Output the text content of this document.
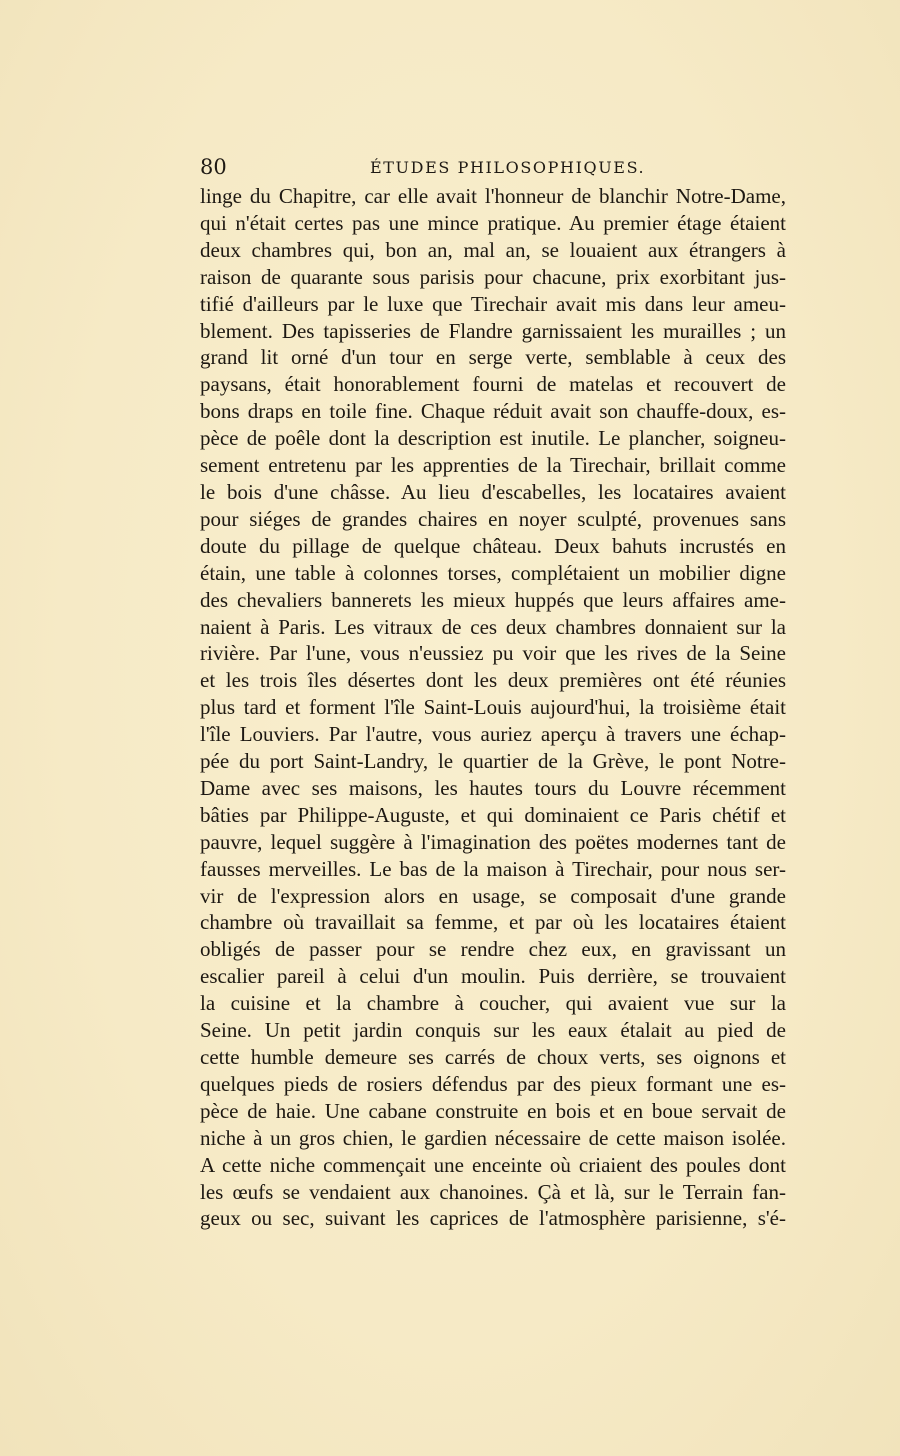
80	ÉTUDES PHILOSOPHIQUES.
linge du Chapitre, car elle avait l'honneur de blanchir Notre-Dame,
qui n'était certes pas une mince pratique. Au premier étage étaient
deux chambres qui, bon an, mal an, se louaient aux étrangers à
raison de quarante sous parisis pour chacune, prix exorbitant jus-
tifié d'ailleurs par le luxe que Tirechair avait mis dans leur ameu-
blement. Des tapisseries de Flandre garnissaient les murailles ; un
grand lit orné d'un tour en serge verte, semblable à ceux des
paysans, était honorablement fourni de matelas et recouvert de
bons draps en toile fine. Chaque réduit avait son chauffe-doux, es-
pèce de poêle dont la description est inutile. Le plancher, soigneu-
sement entretenu par les apprenties de la Tirechair, brillait comme
le bois d'une châsse. Au lieu d'escabelles, les locataires avaient
pour siéges de grandes chaires en noyer sculpté, provenues sans
doute du pillage de quelque château. Deux bahuts incrustés en
étain, une table à colonnes torses, complétaient un mobilier digne
des chevaliers bannerets les mieux huppés que leurs affaires ame-
naient à Paris. Les vitraux de ces deux chambres donnaient sur la
rivière. Par l'une, vous n'eussiez pu voir que les rives de la Seine
et les trois îles désertes dont les deux premières ont été réunies
plus tard et forment l'île Saint-Louis aujourd'hui, la troisième était
l'île Louviers. Par l'autre, vous auriez aperçu à travers une échap-
pée du port Saint-Landry, le quartier de la Grève, le pont Notre-
Dame avec ses maisons, les hautes tours du Louvre récemment
bâties par Philippe-Auguste, et qui dominaient ce Paris chétif et
pauvre, lequel suggère à l'imagination des poëtes modernes tant de
fausses merveilles. Le bas de la maison à Tirechair, pour nous ser-
vir de l'expression alors en usage, se composait d'une grande
chambre où travaillait sa femme, et par où les locataires étaient
obligés de passer pour se rendre chez eux, en gravissant un
escalier pareil à celui d'un moulin. Puis derrière, se trouvaient
la cuisine et la chambre à coucher, qui avaient vue sur la
Seine. Un petit jardin conquis sur les eaux étalait au pied de
cette humble demeure ses carrés de choux verts, ses oignons et
quelques pieds de rosiers défendus par des pieux formant une es-
pèce de haie. Une cabane construite en bois et en boue servait de
niche à un gros chien, le gardien nécessaire de cette maison isolée.
A cette niche commençait une enceinte où criaient des poules dont
les œufs se vendaient aux chanoines. Çà et là, sur le Terrain fan-
geux ou sec, suivant les caprices de l'atmosphère parisienne, s'é-
